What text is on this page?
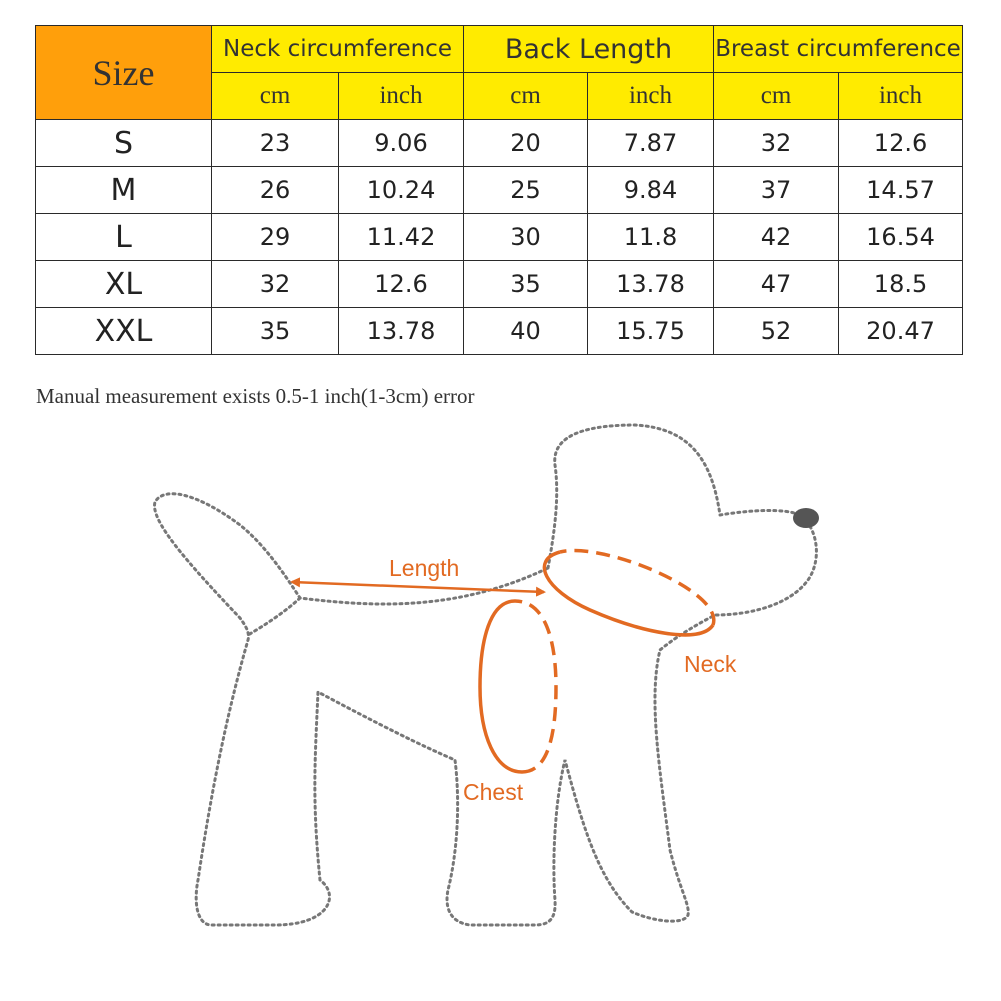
Size	Neck circumference		Back Length		Breast circumference	
	cm	inch	cm	inch	cm	inch
S	23	9.06	20	7.87	32	12.6
M	26	10.24	25	9.84	37	14.57
L	29	11.42	30	11.8	42	16.54
XL	32	12.6	35	13.78	47	18.5
XXL	35	13.78	40	15.75	52	20.47
Manual measurement exists 0.5-1 inch(1-3cm) error
Length
Neck
Chest
